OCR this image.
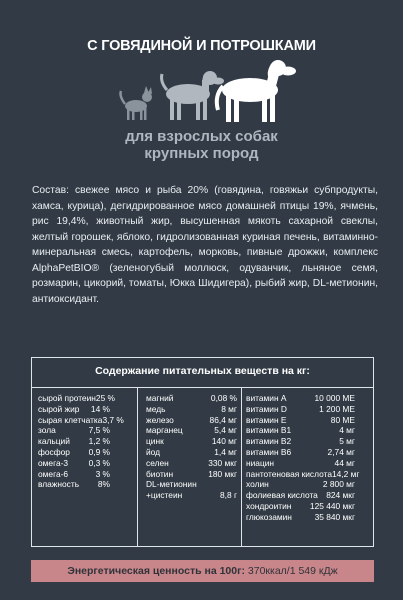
С ГОВЯДИНОЙ И ПОТРОШКАМИ
для взрослых собак
крупных пород
Состав: свежее мясо и рыба 20% (говядина, говяжьи субпродукты, хамса, курица), дегидрированное мясо домашней птицы 19%, ячмень, рис 19,4%, животный жир, высушенная мякоть сахарной свеклы, желтый горошек, яблоко, гидролизованная куриная печень, витаминно-минеральная смесь, картофель, морковь, пивные дрожжи, комплекс AlphaPetBIO® (зеленогубый моллюск, одуванчик, льняное семя, розмарин, цикорий, томаты, Юкка Шидигера), рыбий жир, DL-метионин, антиоксидант.
Содержание питательных веществ на кг:
сырой протеин 25 %
сырой жир 14 %
сырая клетчатка 3,7 %
зола	7,5 %
кальций 1,2 %
фосфор 0,9 %
омега-3 0,3 %
омега-6	3 %
влажность 8%
магний	0,08 %
медь	8 мг
железо	86,4 мг
марганец	5,4 мг
цинк	140 мг
йод	1,4 мг
селен	330 мкг
биотин	180 мкг
DL-метионин
+цистеин	8,8 г
витамин A	10 000 МЕ
витамин D	1 200 МЕ
витамин E	80 МЕ
витамин B1	4 мг
витамин B2	5 мг
витамин B6	2,74 мг
ниацин	44 мг
пантотеновая кислота 14,2 мг
холин	2 800 мг
фолиевая кислота 824 мкг
хондроитин 125 440 мкг
глюкозамин	35 840 мкг
Энергетическая ценность на 100г: 370ккал/1 549 кДж
